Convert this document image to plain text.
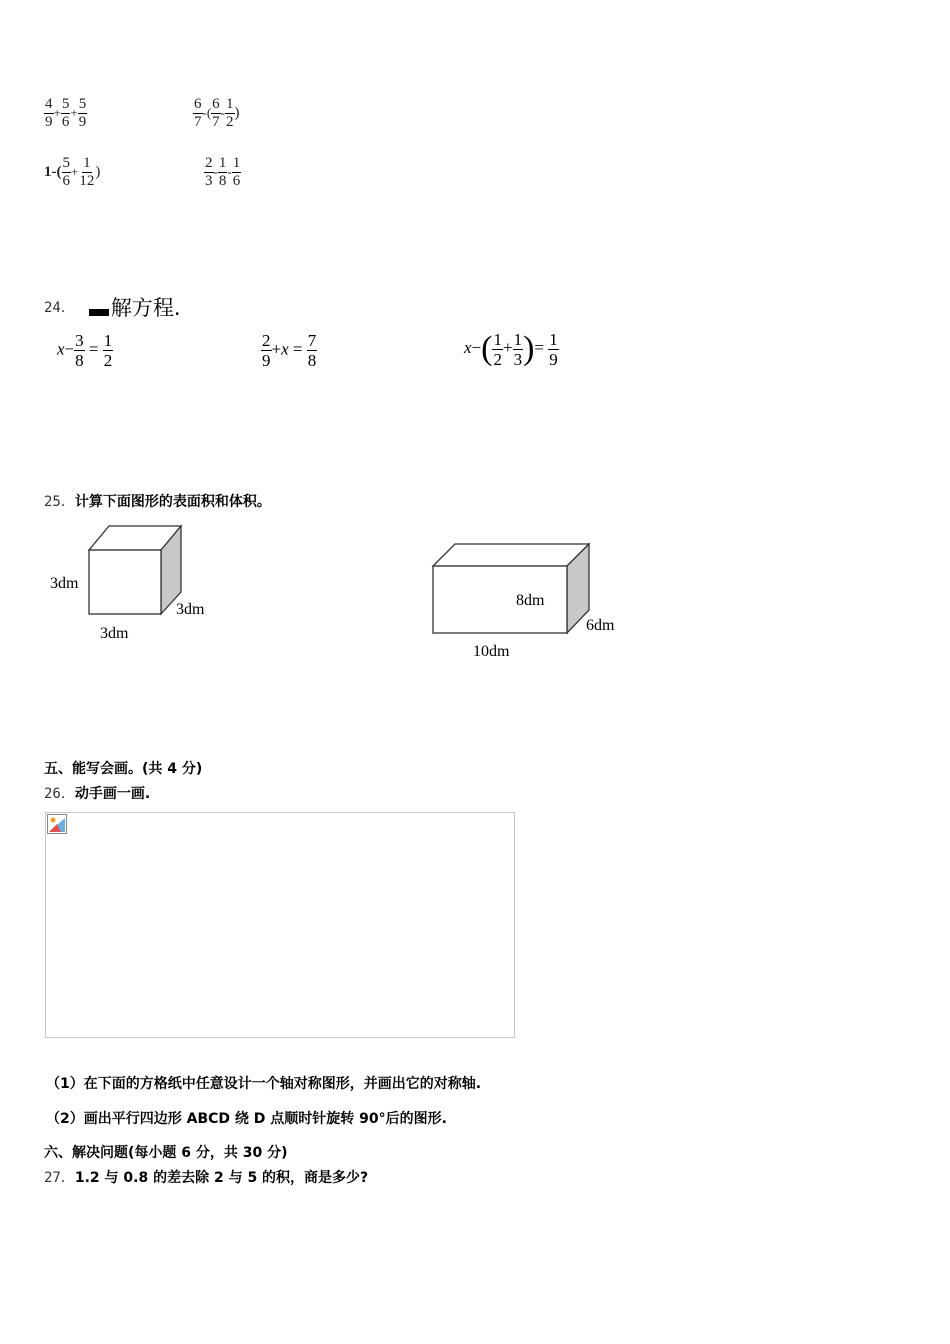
$\frac{4}{9} + \frac{5}{6} + \frac{5}{9}$	$\frac{6}{7}$ -( $\frac{6}{7} - \frac{1}{2}$ )
$1-( \frac{5}{6} + \frac{1}{12}$ )	$\frac{2}{3} - \frac{1}{8} - \frac{1}{6}$
24． 解方程.
$x- \frac{3}{8} = \frac{1}{2}$	$\frac{2}{9} +x = \frac{7}{8}$	$x-( \frac{1}{2} + \frac{1}{3}$ )= $\frac{1}{9}$
25．计算下面图形的表面积和体积。
3dm
3dm
3dm
8dm
6dm
10dm
五、能写会画。(共 4 分)
26．动手画一画.
（1）在下面的方格纸中任意设计一个轴对称图形，并画出它的对称轴.
（2）画出平行四边形 ABCD 绕 D 点顺时针旋转 90°后的图形.
六、解决问题(每小题 6 分，共 30 分)
27．1.2 与 0.8 的差去除 2 与 5 的积，商是多少?
